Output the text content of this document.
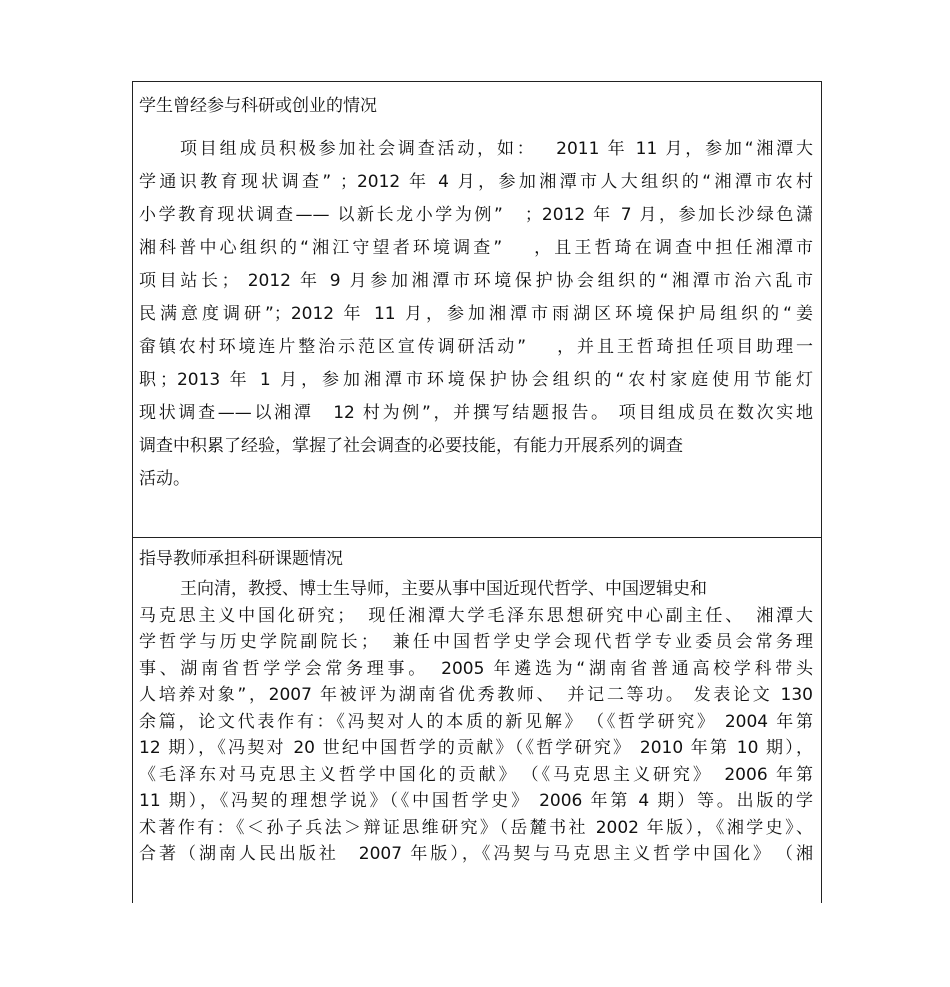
学生曾经参与科研或创业的情况
项目组成员积极参加社会调查活动，如：　 2011 年 11 月，参加“湘潭大
学通识教育现状调查” ；2012 年 4 月，参加湘潭市人大组织的“湘潭市农村
小学教育现状调查—— 以新长龙小学为例”　；2012 年 7 月，参加长沙绿色潇
湘科普中心组织的“湘江守望者环境调查”　 ，且王哲琦在调查中担任湘潭市
项目站长； 2012 年 9 月参加湘潭市环境保护协会组织的“湘潭市治六乱市
民满意度调研”；2012 年 11 月，参加湘潭市雨湖区环境保护局组织的“姜
畲镇农村环境连片整治示范区宣传调研活动”　 ，并且王哲琦担任项目助理一
职；2013 年 1 月，参加湘潭市环境保护协会组织的“农村家庭使用节能灯
现状调查——以湘潭　12 村为例”，并撰写结题报告。 项目组成员在数次实地
调查中积累了经验，掌握了社会调查的必要技能，有能力开展系列的调查
活动。
指导教师承担科研课题情况
王向清，教授、博士生导师，主要从事中国近现代哲学、中国逻辑史和
马克思主义中国化研究；　现任湘潭大学毛泽东思想研究中心副主任、　湘潭大
学哲学与历史学院副院长；　兼任中国哲学史学会现代哲学专业委员会常务理
事、湖南省哲学学会常务理事。　2005 年遴选为“湖南省普通高校学科带头
人培养对象”，2007 年被评为湖南省优秀教师、　并记二等功。 发表论文 130
余篇，论文代表作有：《冯契对人的本质的新见解》　（《哲学研究》 2004 年第
12 期），《冯契对 20 世纪中国哲学的贡献》（《哲学研究》 2010 年第 10 期），
《毛泽东对马克思主义哲学中国化的贡献》　（《马克思主义研究》　2006 年第
11 期），《冯契的理想学说》（《中国哲学史》 2006 年第 4 期）等。出版的学
术著作有：《＜孙子兵法＞辩证思维研究》（岳麓书社 2002 年版），《湘学史》、
合著（湖南人民出版社　2007 年版），《冯契与马克思主义哲学中国化》　（湘
